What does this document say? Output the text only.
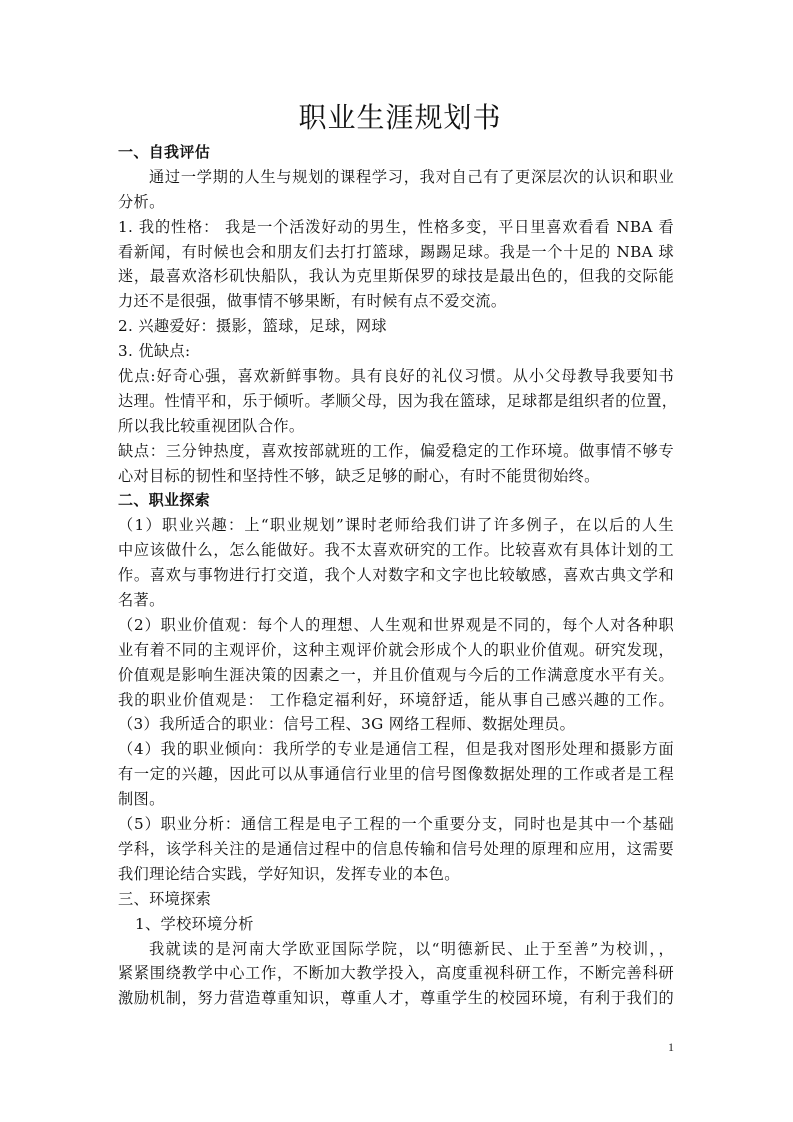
职业生涯规划书

一、自我评估

通过一学期的人生与规划的课程学习，我对自己有了更深层次的认识和职业

分析。

1. 我的性格： 我是一个活泼好动的男生，性格多变，平日里喜欢看看 NBA 看

看新闻，有时候也会和朋友们去打打篮球，踢踢足球。我是一个十足的 NBA 球

迷，最喜欢洛杉矶快船队，我认为克里斯保罗的球技是最出色的，但我的交际能

力还不是很强，做事情不够果断，有时候有点不爱交流。

2. 兴趣爱好：摄影，篮球，足球，网球

3. 优缺点:

优点:好奇心强，喜欢新鲜事物。具有良好的礼仪习惯。从小父母教导我要知书

达理。性情平和，乐于倾听。孝顺父母，因为我在篮球，足球都是组织者的位置，

所以我比较重视团队合作。

缺点：三分钟热度，喜欢按部就班的工作，偏爱稳定的工作环境。做事情不够专

心对目标的韧性和坚持性不够，缺乏足够的耐心，有时不能贯彻始终。

二、职业探索

（1）职业兴趣：上“职业规划”课时老师给我们讲了许多例子，在以后的人生

中应该做什么，怎么能做好。我不太喜欢研究的工作。比较喜欢有具体计划的工

作。喜欢与事物进行打交道，我个人对数字和文字也比较敏感，喜欢古典文学和

名著。

（2）职业价值观：每个人的理想、人生观和世界观是不同的，每个人对各种职

业有着不同的主观评价，这种主观评价就会形成个人的职业价值观。研究发现，

价值观是影响生涯决策的因素之一，并且价值观与今后的工作满意度水平有关。

我的职业价值观是： 工作稳定福利好，环境舒适，能从事自己感兴趣的工作。

（3）我所适合的职业：信号工程、3G 网络工程师、数据处理员。

（4）我的职业倾向：我所学的专业是通信工程，但是我对图形处理和摄影方面

有一定的兴趣，因此可以从事通信行业里的信号图像数据处理的工作或者是工程

制图。

（5）职业分析：通信工程是电子工程的一个重要分支，同时也是其中一个基础

学科，该学科关注的是通信过程中的信息传输和信号处理的原理和应用，这需要

我们理论结合实践，学好知识，发挥专业的本色。

三、环境探索

1、学校环境分析

我就读的是河南大学欧亚国际学院，以“明德新民、止于至善”为校训，，

紧紧围绕教学中心工作，不断加大教学投入，高度重视科研工作，不断完善科研

激励机制，努力营造尊重知识，尊重人才，尊重学生的校园环境，有利于我们的

1
